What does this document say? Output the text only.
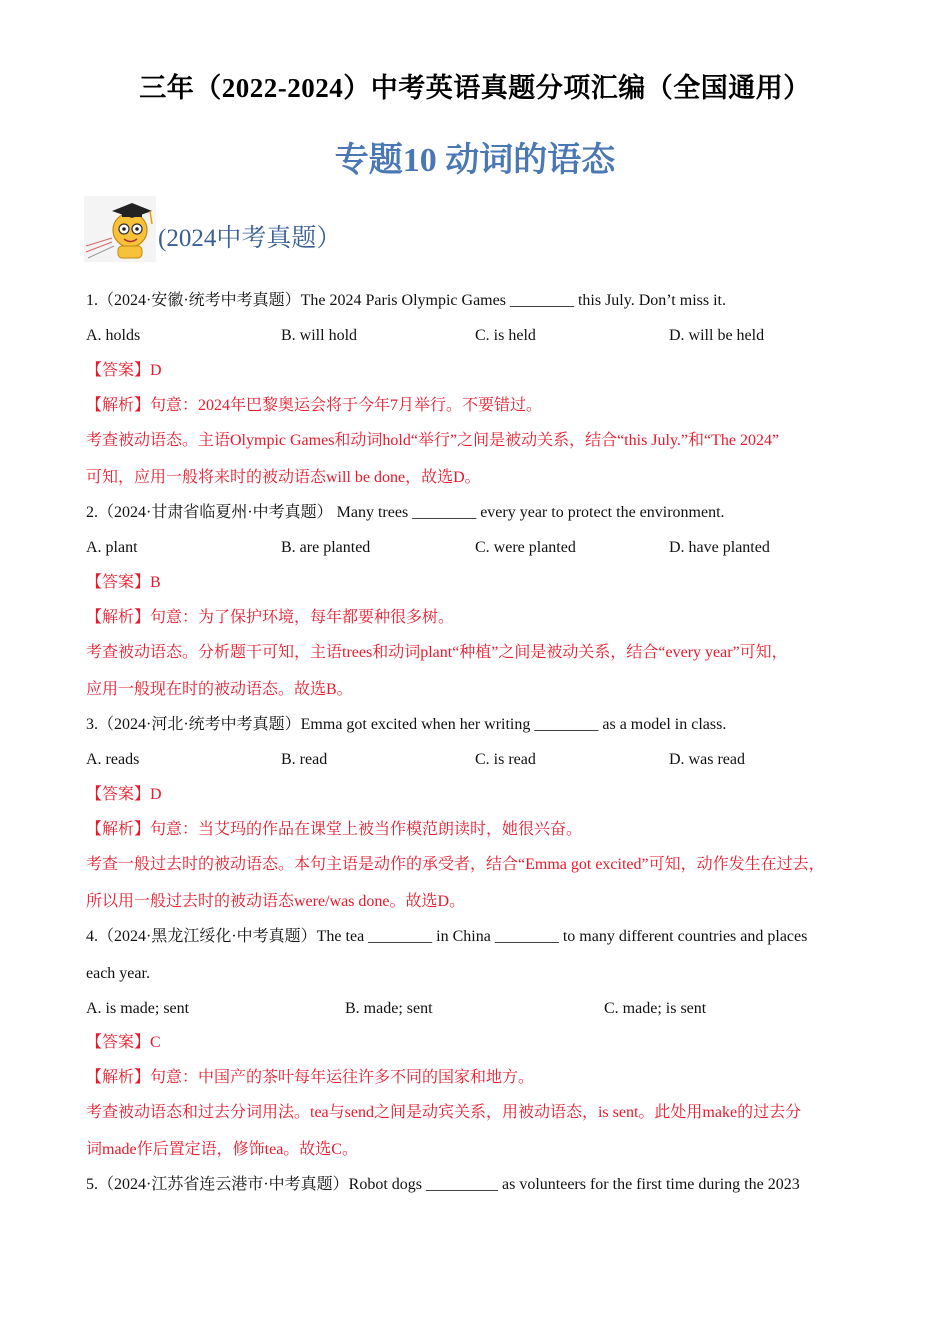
三年（2022-2024）中考英语真题分项汇编（全国通用）
专题10 动词的语态
(2024中考真题）
1.（2024·安徽·统考中考真题）The 2024 Paris Olympic Games ________ this July. Don’t miss it.
A. holds	B. will hold	C. is held	D. will be held
【答案】D
【解析】句意：2024年巴黎奥运会将于今年7月举行。不要错过。
考查被动语态。主语Olympic Games和动词hold“举行”之间是被动关系，结合“this July.”和“The 2024”
可知，应用一般将来时的被动语态will be done，故选D。
2.（2024·甘肃省临夏州·中考真题） Many trees ________ every year to protect the environment.
A. plant	B. are planted	C. were planted	D. have planted
【答案】B
【解析】句意：为了保护环境，每年都要种很多树。
考查被动语态。分析题干可知，主语trees和动词plant“种植”之间是被动关系，结合“every year”可知，
应用一般现在时的被动语态。故选B。
3.（2024·河北·统考中考真题）Emma got excited when her writing ________ as a model in class.
A. reads	B. read	C. is read	D. was read
【答案】D
【解析】句意：当艾玛的作品在课堂上被当作模范朗读时，她很兴奋。
考查一般过去时的被动语态。本句主语是动作的承受者，结合“Emma got excited”可知，动作发生在过去，
所以用一般过去时的被动语态were/was done。故选D。
4.（2024·黑龙江绥化·中考真题）The tea ________ in China ________ to many different countries and places
each year.
A. is made; sent	B. made; sent	C. made; is sent
【答案】C
【解析】句意：中国产的茶叶每年运往许多不同的国家和地方。
考查被动语态和过去分词用法。tea与send之间是动宾关系，用被动语态，is sent。此处用make的过去分
词made作后置定语，修饰tea。故选C。
5.（2024·江苏省连云港市·中考真题）Robot dogs _________ as volunteers for the first time during the 2023
